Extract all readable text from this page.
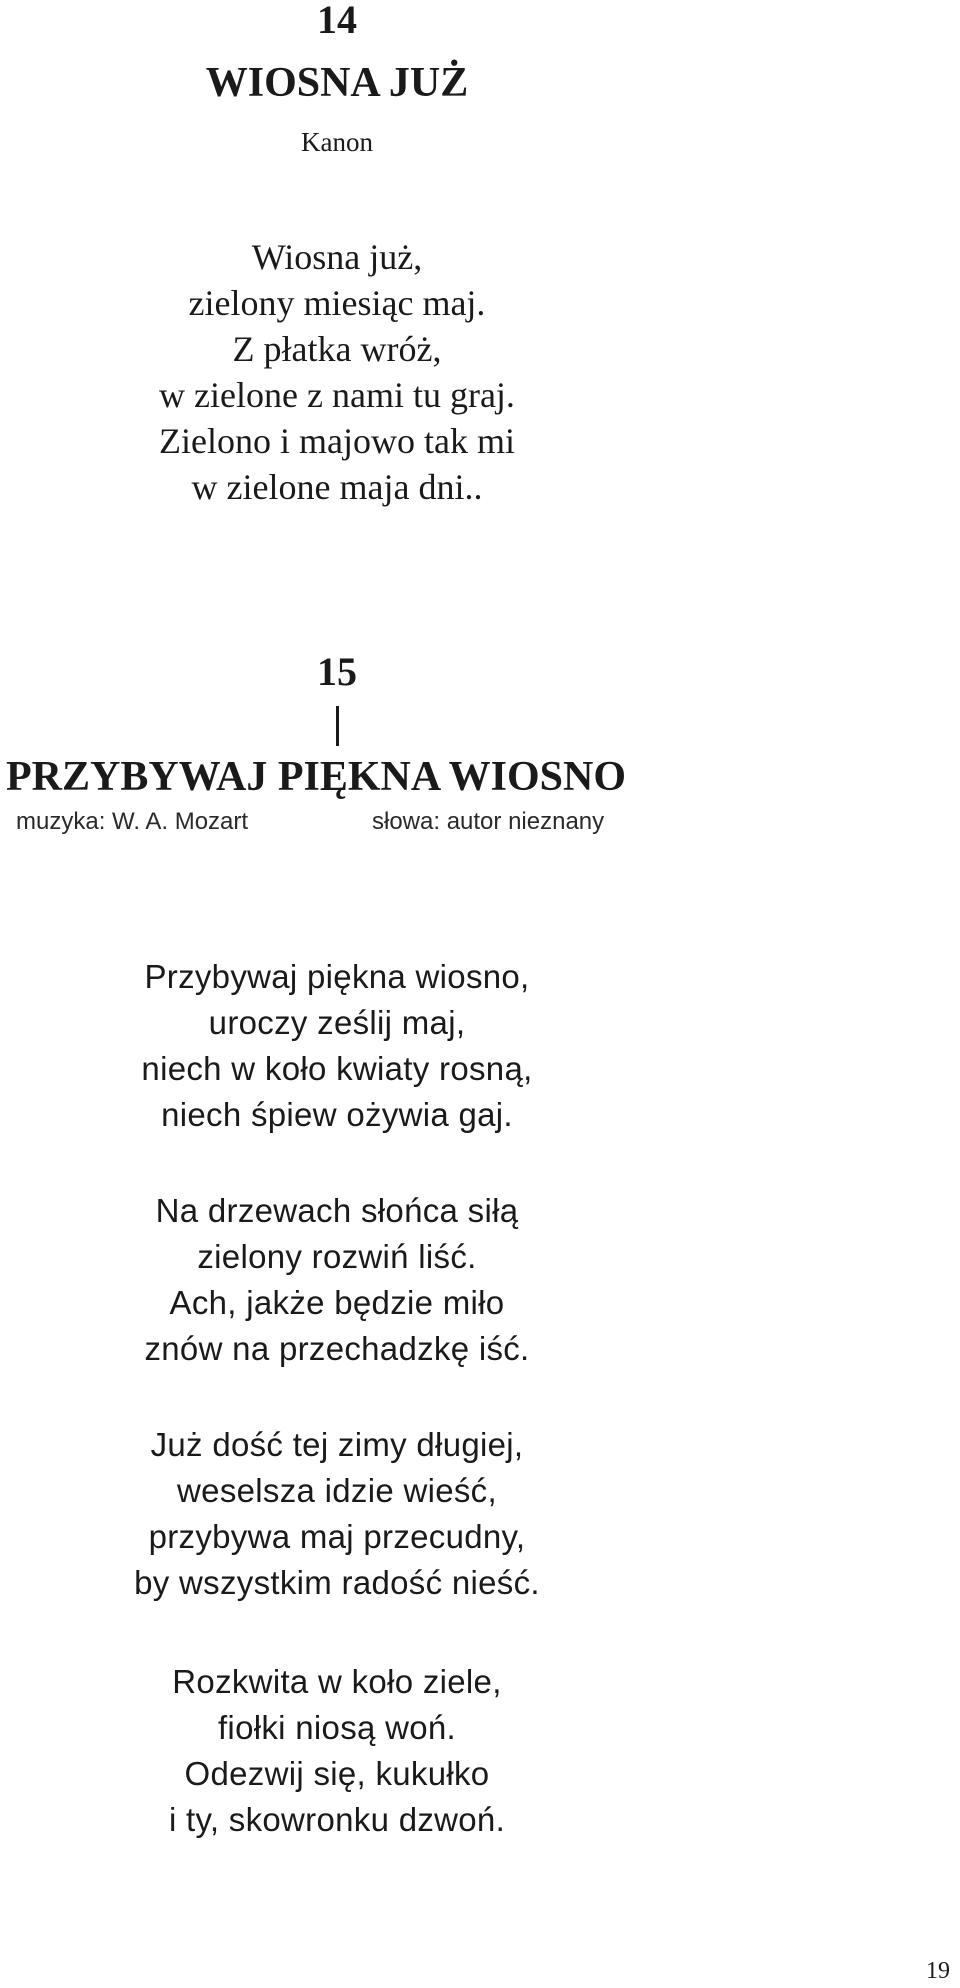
14
WIOSNA JUŻ
Kanon
Wiosna już,
zielony miesiąc maj.
Z płatka wróż,
w zielone z nami tu graj.
Zielono i majowo tak mi
w zielone maja dni..
15
PRZYBYWAJ PIĘKNA WIOSNO
muzyka: W. A. Mozart	słowa: autor nieznany
Przybywaj piękna wiosno,
uroczy ześlij maj,
niech w koło kwiaty rosną,
niech śpiew ożywia gaj.
Na drzewach słońca siłą
zielony rozwiń liść.
Ach, jakże będzie miło
znów na przechadzkę iść.
Już dość tej zimy długiej,
weselsza idzie wieść,
przybywa maj przecudny,
by wszystkim radość nieść.
Rozkwita w koło ziele,
fiołki niosą woń.
Odezwij się, kukułko
i ty, skowronku dzwoń.
19
